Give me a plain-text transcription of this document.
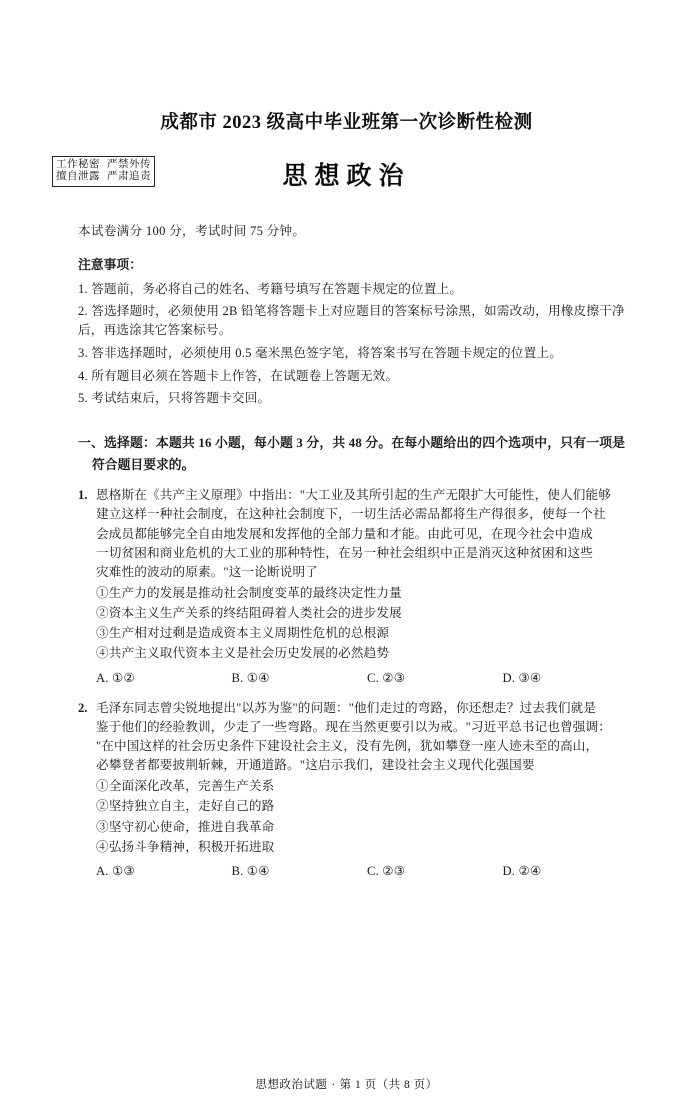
工作秘密 严禁外传
擅自泄露 严肃追责
成都市 2023 级高中毕业班第一次诊断性检测
思想政治
本试卷满分 100 分，考试时间 75 分钟。
注意事项：

1. 答题前，务必将自己的姓名、考籍号填写在答题卡规定的位置上。

2. 答选择题时，必须使用 2B 铅笔将答题卡上对应题目的答案标号涂黑，如需改动，用橡皮擦干净后，再选涂其它答案标号。

3. 答非选择题时，必须使用 0.5 毫米黑色签字笔，将答案书写在答题卡规定的位置上。

4. 所有题目必须在答题卡上作答，在试题卷上答题无效。

5. 考试结束后，只将答题卡交回。

一、选择题：本题共 16 小题，每小题 3 分，共 48 分。在每小题给出的四个选项中，只有一项是
符合题目要求的。
1. 恩格斯在《共产主义原理》中指出："大工业及其所引起的生产无限扩大可能性，使人们能够

建立这样一种社会制度，在这种社会制度下，一切生活必需品都将生产得很多，使每一个社

会成员都能够完全自由地发展和发挥他的全部力量和才能。由此可见，在现今社会中造成

一切贫困和商业危机的大工业的那种特性，在另一种社会组织中正是消灭这种贫困和这些

灾难性的波动的原素。"这一论断说明了

①生产力的发展是推动社会制度变革的最终决定性力量

②资本主义生产关系的终结阻碍着人类社会的进步发展

③生产相对过剩是造成资本主义周期性危机的总根源

④共产主义取代资本主义是社会历史发展的必然趋势

A. ①②	B. ①④	C. ②③	D. ③④
2. 毛泽东同志曾尖锐地提出"以苏为鉴"的问题："他们走过的弯路，你还想走？过去我们就是

鉴于他们的经验教训，少走了一些弯路。现在当然更要引以为戒。"习近平总书记也曾强调：

"在中国这样的社会历史条件下建设社会主义，没有先例，犹如攀登一座人迹未至的高山，

必攀登者都要披荆斩棘，开通道路。"这启示我们，建设社会主义现代化强国要

①全面深化改革，完善生产关系

②坚持独立自主，走好自己的路

③坚守初心使命，推进自我革命

④弘扬斗争精神，积极开拓进取

A. ①③	B. ①④	C. ②③	D. ②④
思想政治试题 · 第 1 页（共 8 页）
